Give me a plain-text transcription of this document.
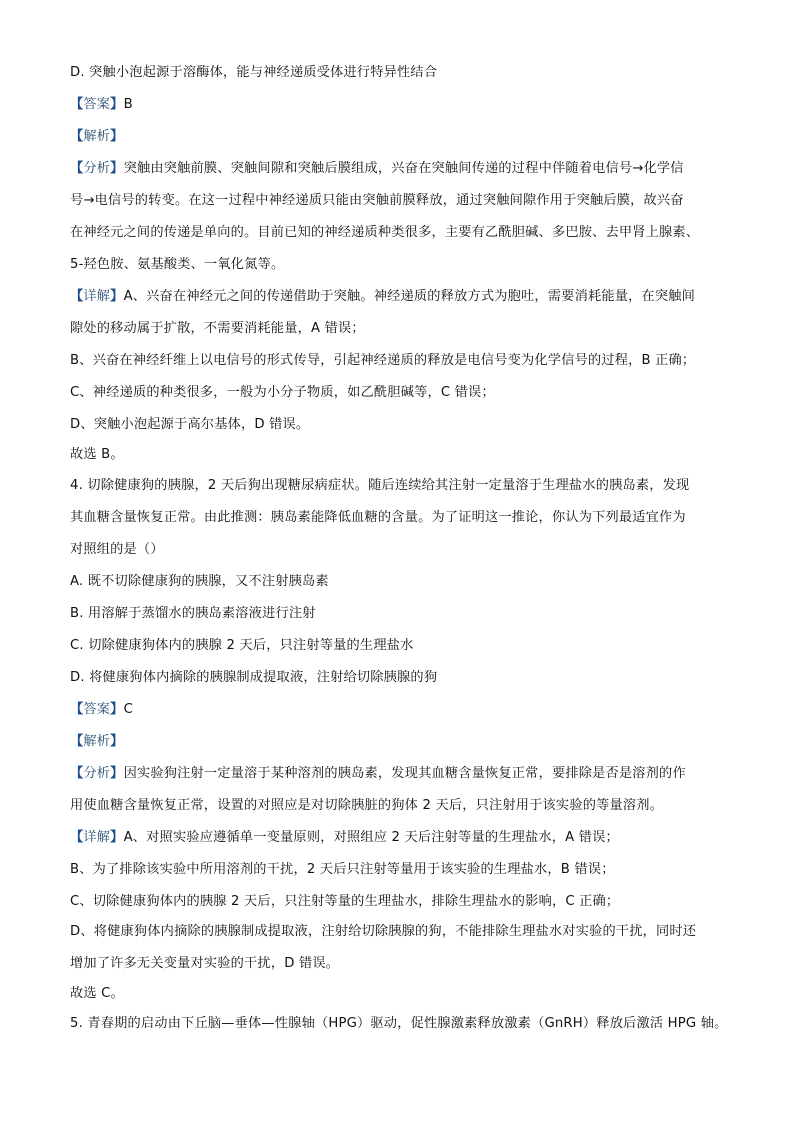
D. 突触小泡起源于溶酶体，能与神经递质受体进行特异性结合
【答案】B
【解析】
【分析】突触由突触前膜、突触间隙和突触后膜组成，兴奋在突触间传递的过程中伴随着电信号→化学信
号→电信号的转变。在这一过程中神经递质只能由突触前膜释放，通过突触间隙作用于突触后膜，故兴奋
在神经元之间的传递是单向的。目前已知的神经递质种类很多，主要有乙酰胆碱、多巴胺、去甲肾上腺素、
5-羟色胺、氨基酸类、一氧化氮等。
【详解】A、兴奋在神经元之间的传递借助于突触。神经递质的释放方式为胞吐，需要消耗能量，在突触间
隙处的移动属于扩散，不需要消耗能量，A 错误；
B、兴奋在神经纤维上以电信号的形式传导，引起神经递质的释放是电信号变为化学信号的过程，B 正确；
C、神经递质的种类很多，一般为小分子物质，如乙酰胆碱等，C 错误；
D、突触小泡起源于高尔基体，D 错误。
故选 B。
4. 切除健康狗的胰腺，2 天后狗出现糖尿病症状。随后连续给其注射一定量溶于生理盐水的胰岛素，发现
其血糖含量恢复正常。由此推测：胰岛素能降低血糖的含量。为了证明这一推论，你认为下列最适宜作为
对照组的是（）
A. 既不切除健康狗的胰腺，又不注射胰岛素
B. 用溶解于蒸馏水的胰岛素溶液进行注射
C. 切除健康狗体内的胰腺 2 天后，只注射等量的生理盐水
D. 将健康狗体内摘除的胰腺制成提取液，注射给切除胰腺的狗
【答案】C
【解析】
【分析】因实验狗注射一定量溶于某种溶剂的胰岛素，发现其血糖含量恢复正常，要排除是否是溶剂的作
用使血糖含量恢复正常，设置的对照应是对切除胰脏的狗体 2 天后，只注射用于该实验的等量溶剂。
【详解】A、对照实验应遵循单一变量原则，对照组应 2 天后注射等量的生理盐水，A 错误；
B、为了排除该实验中所用溶剂的干扰，2 天后只注射等量用于该实验的生理盐水，B 错误；
C、切除健康狗体内的胰腺 2 天后，只注射等量的生理盐水，排除生理盐水的影响，C 正确；
D、将健康狗体内摘除的胰腺制成提取液，注射给切除胰腺的狗，不能排除生理盐水对实验的干扰，同时还
增加了许多无关变量对实验的干扰，D 错误。
故选 C。
5. 青春期的启动由下丘脑—垂体—性腺轴（HPG）驱动，促性腺激素释放激素（GnRH）释放后激活 HPG 轴。
